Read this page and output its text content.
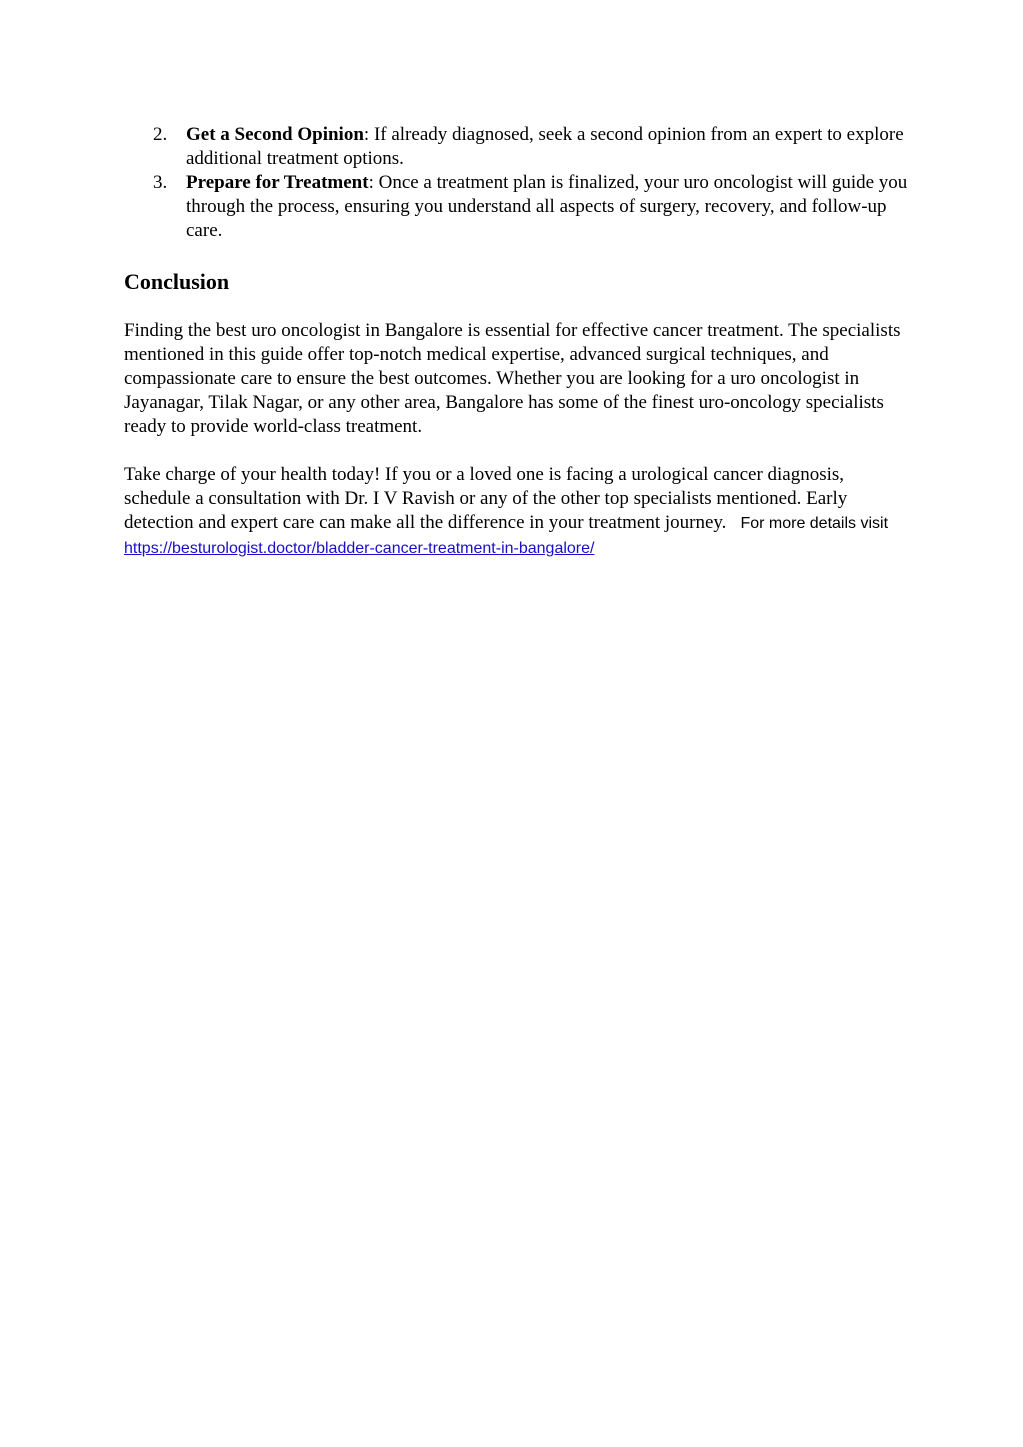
2. Get a Second Opinion: If already diagnosed, seek a second opinion from an expert to explore additional treatment options.
3. Prepare for Treatment: Once a treatment plan is finalized, your uro oncologist will guide you through the process, ensuring you understand all aspects of surgery, recovery, and follow-up care.
Conclusion

Finding the best uro oncologist in Bangalore is essential for effective cancer treatment. The specialists mentioned in this guide offer top-notch medical expertise, advanced surgical techniques, and compassionate care to ensure the best outcomes. Whether you are looking for a uro oncologist in Jayanagar, Tilak Nagar, or any other area, Bangalore has some of the finest uro-oncology specialists ready to provide world-class treatment.

Take charge of your health today! If you or a loved one is facing a urological cancer diagnosis, schedule a consultation with Dr. I V Ravish or any of the other top specialists mentioned. Early detection and expert care can make all the difference in your treatment journey. For more details visit https://besturologist.doctor/bladder-cancer-treatment-in-bangalore/
